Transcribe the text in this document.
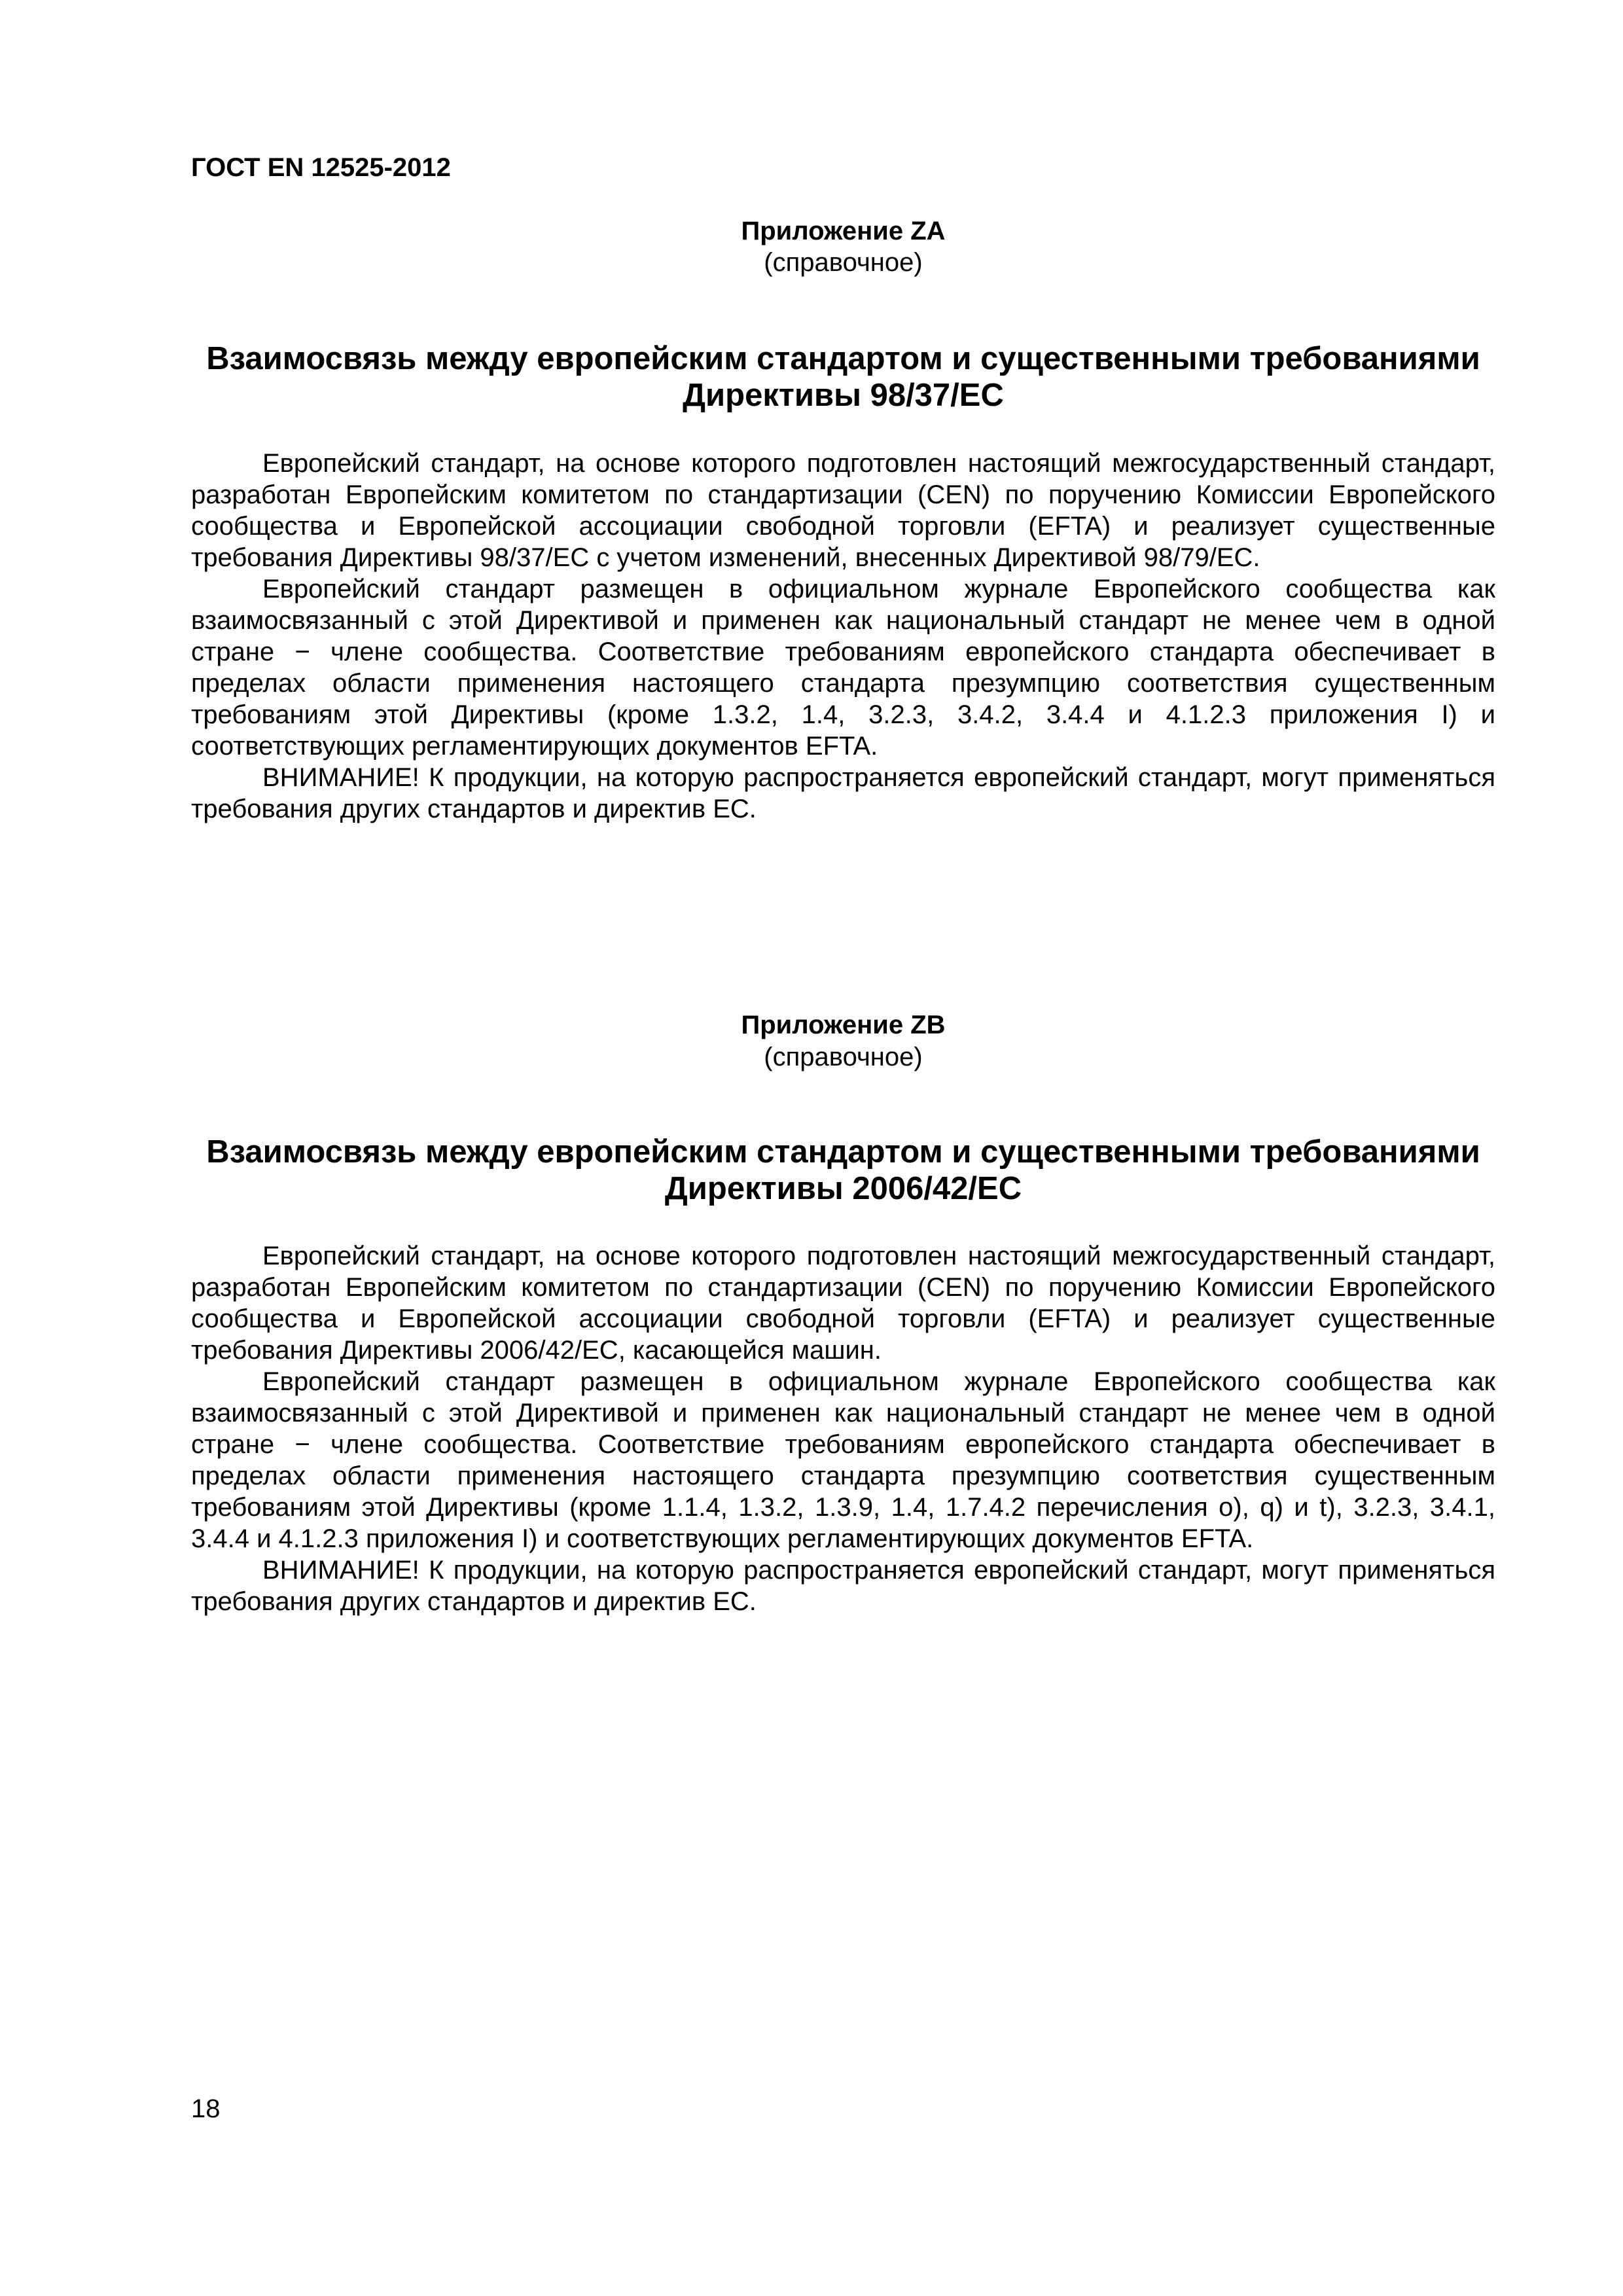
ГОСТ EN 12525-2012
Приложение ZA
(справочное)
Взаимосвязь между европейским стандартом и существенными требованиями
Директивы 98/37/ЕС

Европейский стандарт, на основе которого подготовлен настоящий межгосударственный стандарт, разработан Европейским комитетом по стандартизации (CEN) по поручению Комиссии Европейского сообщества и Европейской ассоциации свободной торговли (EFTA) и реализует существенные требования Директивы 98/37/ЕС с учетом изменений, внесенных Директивой 98/79/ЕС.

Европейский стандарт размещен в официальном журнале Европейского сообщества как взаимосвязанный с этой Директивой и применен как национальный стандарт не менее чем в одной стране − члене сообщества. Соответствие требованиям европейского стандарта обеспечивает в пределах области применения настоящего стандарта презумпцию соответствия существенным требованиям этой Директивы (кроме 1.3.2, 1.4, 3.2.3, 3.4.2, 3.4.4 и 4.1.2.3 приложения I) и соответствующих регламентирующих документов EFTA.

ВНИМАНИЕ! К продукции, на которую распространяется европейский стандарт, могут применяться требования других стандартов и директив ЕС.

Приложение ZB
(справочное)
Взаимосвязь между европейским стандартом и существенными требованиями
Директивы 2006/42/ЕС

Европейский стандарт, на основе которого подготовлен настоящий межгосударственный стандарт, разработан Европейским комитетом по стандартизации (CEN) по поручению Комиссии Европейского сообщества и Европейской ассоциации свободной торговли (EFTA) и реализует существенные требования Директивы 2006/42/ЕС, касающейся машин.

Европейский стандарт размещен в официальном журнале Европейского сообщества как взаимосвязанный с этой Директивой и применен как национальный стандарт не менее чем в одной стране − члене сообщества. Соответствие требованиям европейского стандарта обеспечивает в пределах области применения настоящего стандарта презумпцию соответствия существенным требованиям этой Директивы (кроме 1.1.4, 1.3.2, 1.3.9, 1.4, 1.7.4.2 перечисления о), q) и t), 3.2.3, 3.4.1, 3.4.4 и 4.1.2.3 приложения I) и соответствующих регламентирующих документов EFTA.

ВНИМАНИЕ! К продукции, на которую распространяется европейский стандарт, могут применяться требования других стандартов и директив ЕС.

18
